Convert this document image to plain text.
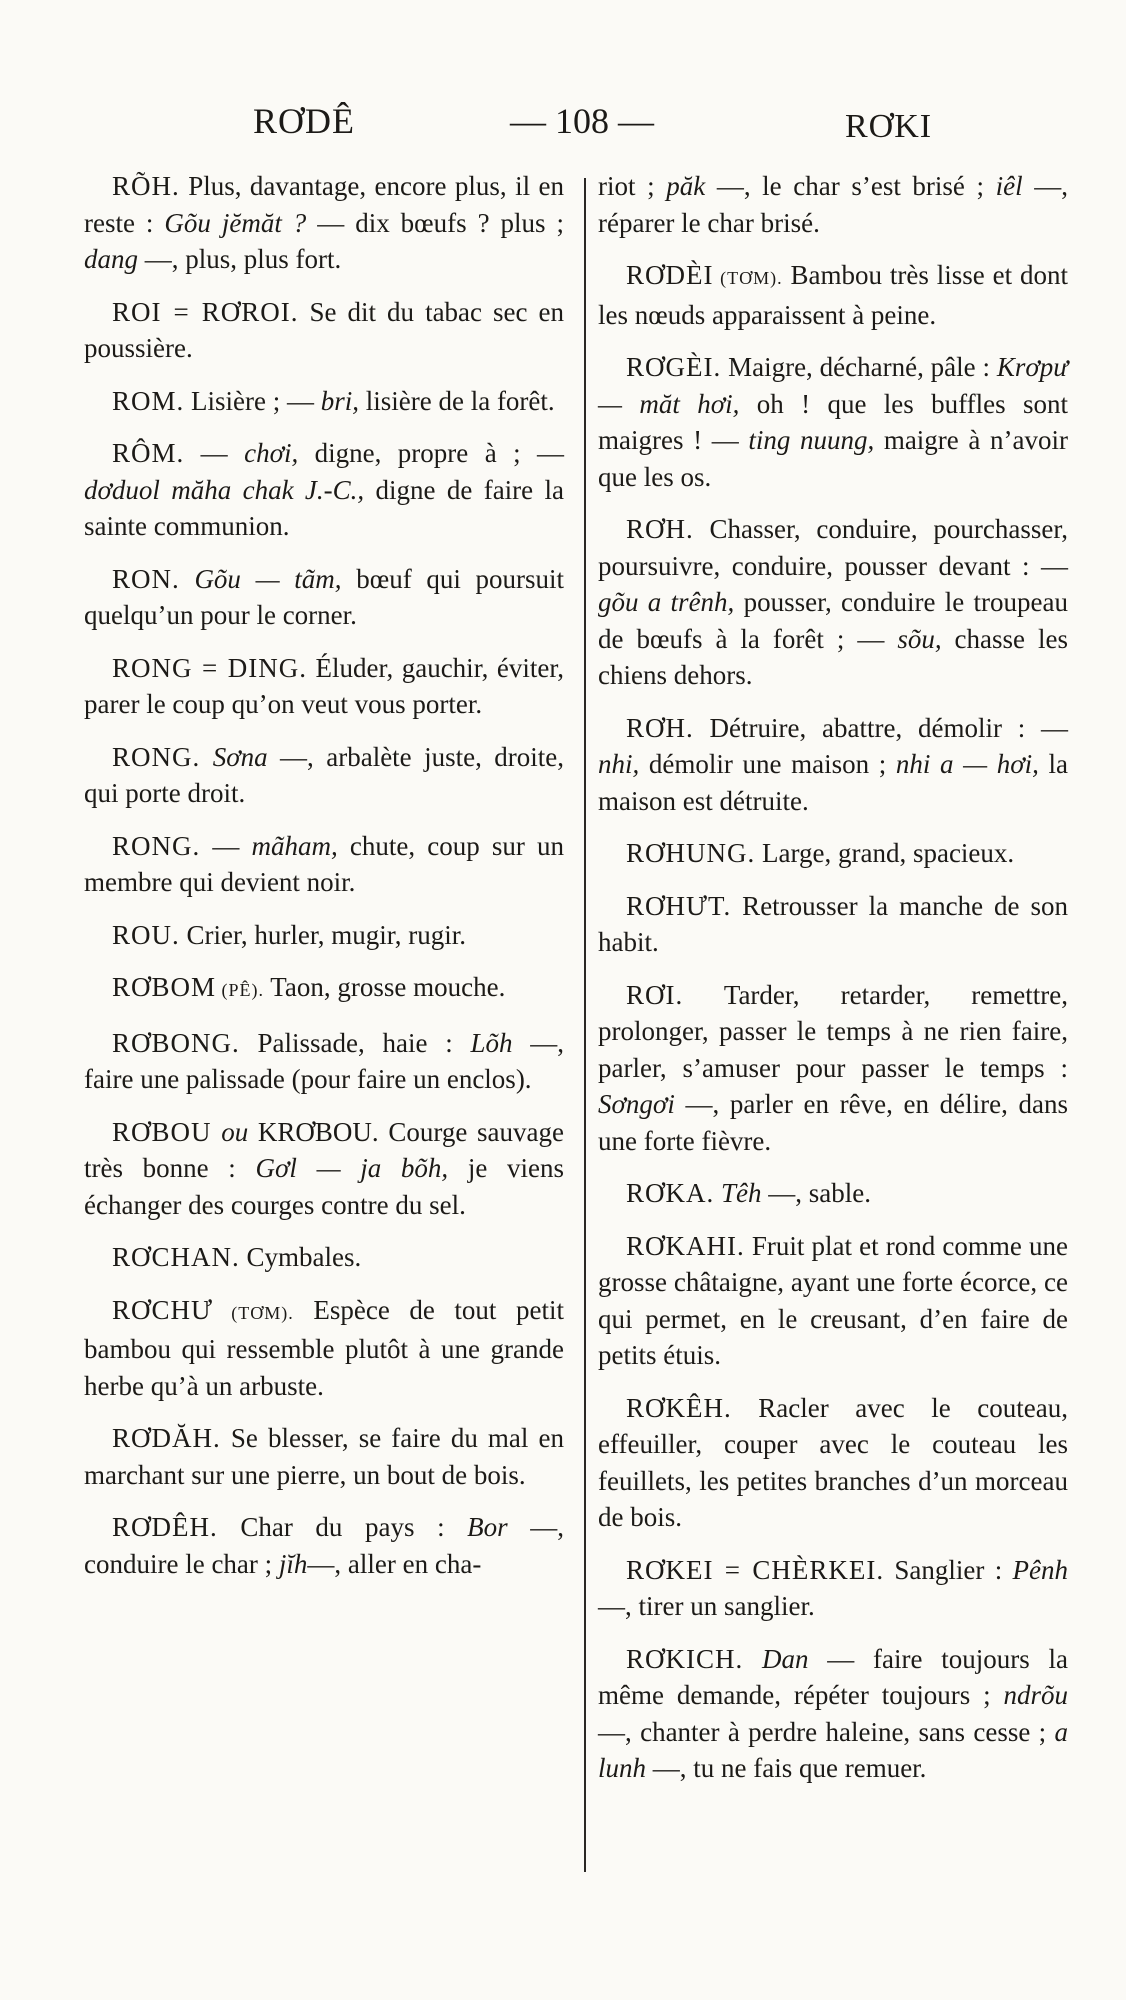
RƠDÊ	— 108 —	RƠKI

RÕH. Plus, davantage, encore plus, il en reste : Gõu jĕmăt ? — dix bœufs ? plus ; dang —, plus, plus fort.

ROI = RƠROI. Se dit du tabac sec en poussière.

ROM. Lisière ; — bri, lisière de la forêt.

RÔM. — chơi, digne, propre à ; — dơduol măha chak J.-C., digne de faire la sainte communion.

RON. Gõu — tãm, bœuf qui poursuit quelqu’un pour le corner.

RONG = DING. Éluder, gauchir, éviter, parer le coup qu’on veut vous porter.

RONG. Sơna —, arbalète juste, droite, qui porte droit.

RONG. — mãham, chute, coup sur un membre qui devient noir.

ROU. Crier, hurler, mugir, rugir.

RƠBOM (PÊ). Taon, grosse mouche.

RƠBONG. Palissade, haie : Lõh —, faire une palissade (pour faire un enclos).

RƠBOU ou KRƠBOU. Courge sauvage très bonne : Gơl — ja bõh, je viens échanger des courges contre du sel.

RƠCHAN. Cymbales.

RƠCHƯ (TƠM). Espèce de tout petit bambou qui ressemble plutôt à une grande herbe qu’à un arbuste.

RƠDĂH. Se blesser, se faire du mal en marchant sur une pierre, un bout de bois.

RƠDÊH. Char du pays : Bor —, conduire le char ; jĭh—, aller en cha-

riot ; păk —, le char s’est brisé ; iêl —, réparer le char brisé.

RƠDÈI (TƠM). Bambou très lisse et dont les nœuds apparaissent à peine.

RƠGÈI. Maigre, décharné, pâle : Krơpư — măt hơi, oh ! que les buffles sont maigres ! — ting nuung, maigre à n’avoir que les os.

RƠH. Chasser, conduire, pourchasser, poursuivre, conduire, pousser devant : — gõu a trênh, pousser, conduire le troupeau de bœufs à la forêt ; — sõu, chasse les chiens dehors.

RƠH. Détruire, abattre, démolir : — nhi, démolir une maison ; nhi a — hơi, la maison est détruite.

RƠHUNG. Large, grand, spacieux.

RƠHƯT. Retrousser la manche de son habit.

RƠI. Tarder, retarder, remettre, prolonger, passer le temps à ne rien faire, parler, s’amuser pour passer le temps : Sơngơi —, parler en rêve, en délire, dans une forte fièvre.

RƠKA. Têh —, sable.

RƠKAHI. Fruit plat et rond comme une grosse châtaigne, ayant une forte écorce, ce qui permet, en le creusant, d’en faire de petits étuis.

RƠKÊH. Racler avec le couteau, effeuiller, couper avec le couteau les feuillets, les petites branches d’un morceau de bois.

RƠKEI = CHÈRKEI. Sanglier : Pênh —, tirer un sanglier.

RƠKICH. Dan — faire toujours la même demande, répéter toujours ; ndrõu —, chanter à perdre haleine, sans cesse ; a lunh —, tu ne fais que remuer.
